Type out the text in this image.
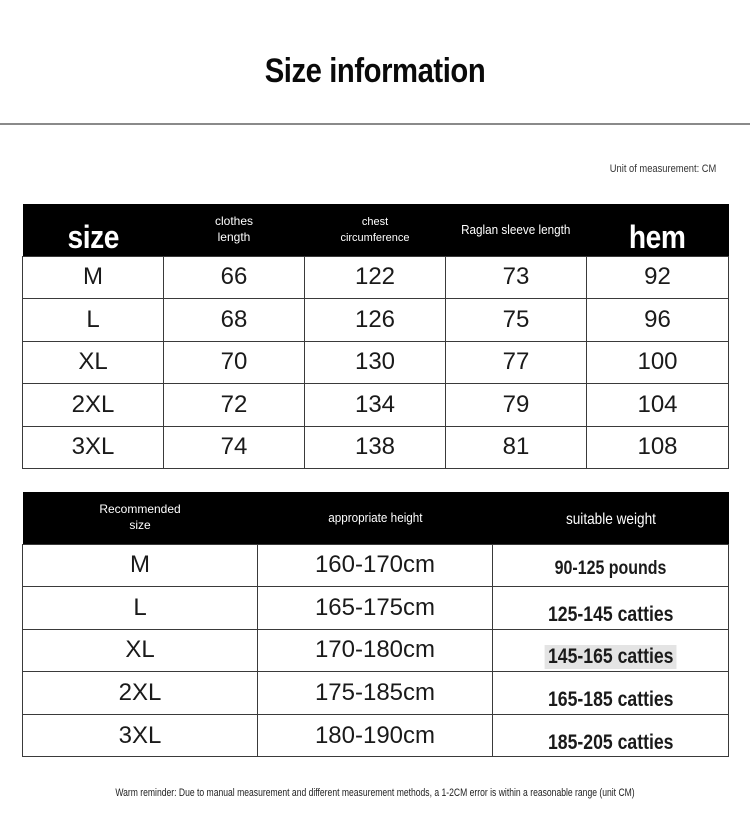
Size information
Unit of measurement: CM
size	clothes length	chest circumference	Raglan sleeve length	hem
M	66	122	73	92
L	68	126	75	96
XL	70	130	77	100
2XL	72	134	79	104
3XL	74	138	81	108
Recommended size	appropriate height	suitable weight
M	160-170cm	90-125 pounds
L	165-175cm	125-145 catties
XL	170-180cm	145-165 catties
2XL	175-185cm	165-185 catties
3XL	180-190cm	185-205 catties
Warm reminder: Due to manual measurement and different measurement methods, a 1-2CM error is within a reasonable range (unit CM)
